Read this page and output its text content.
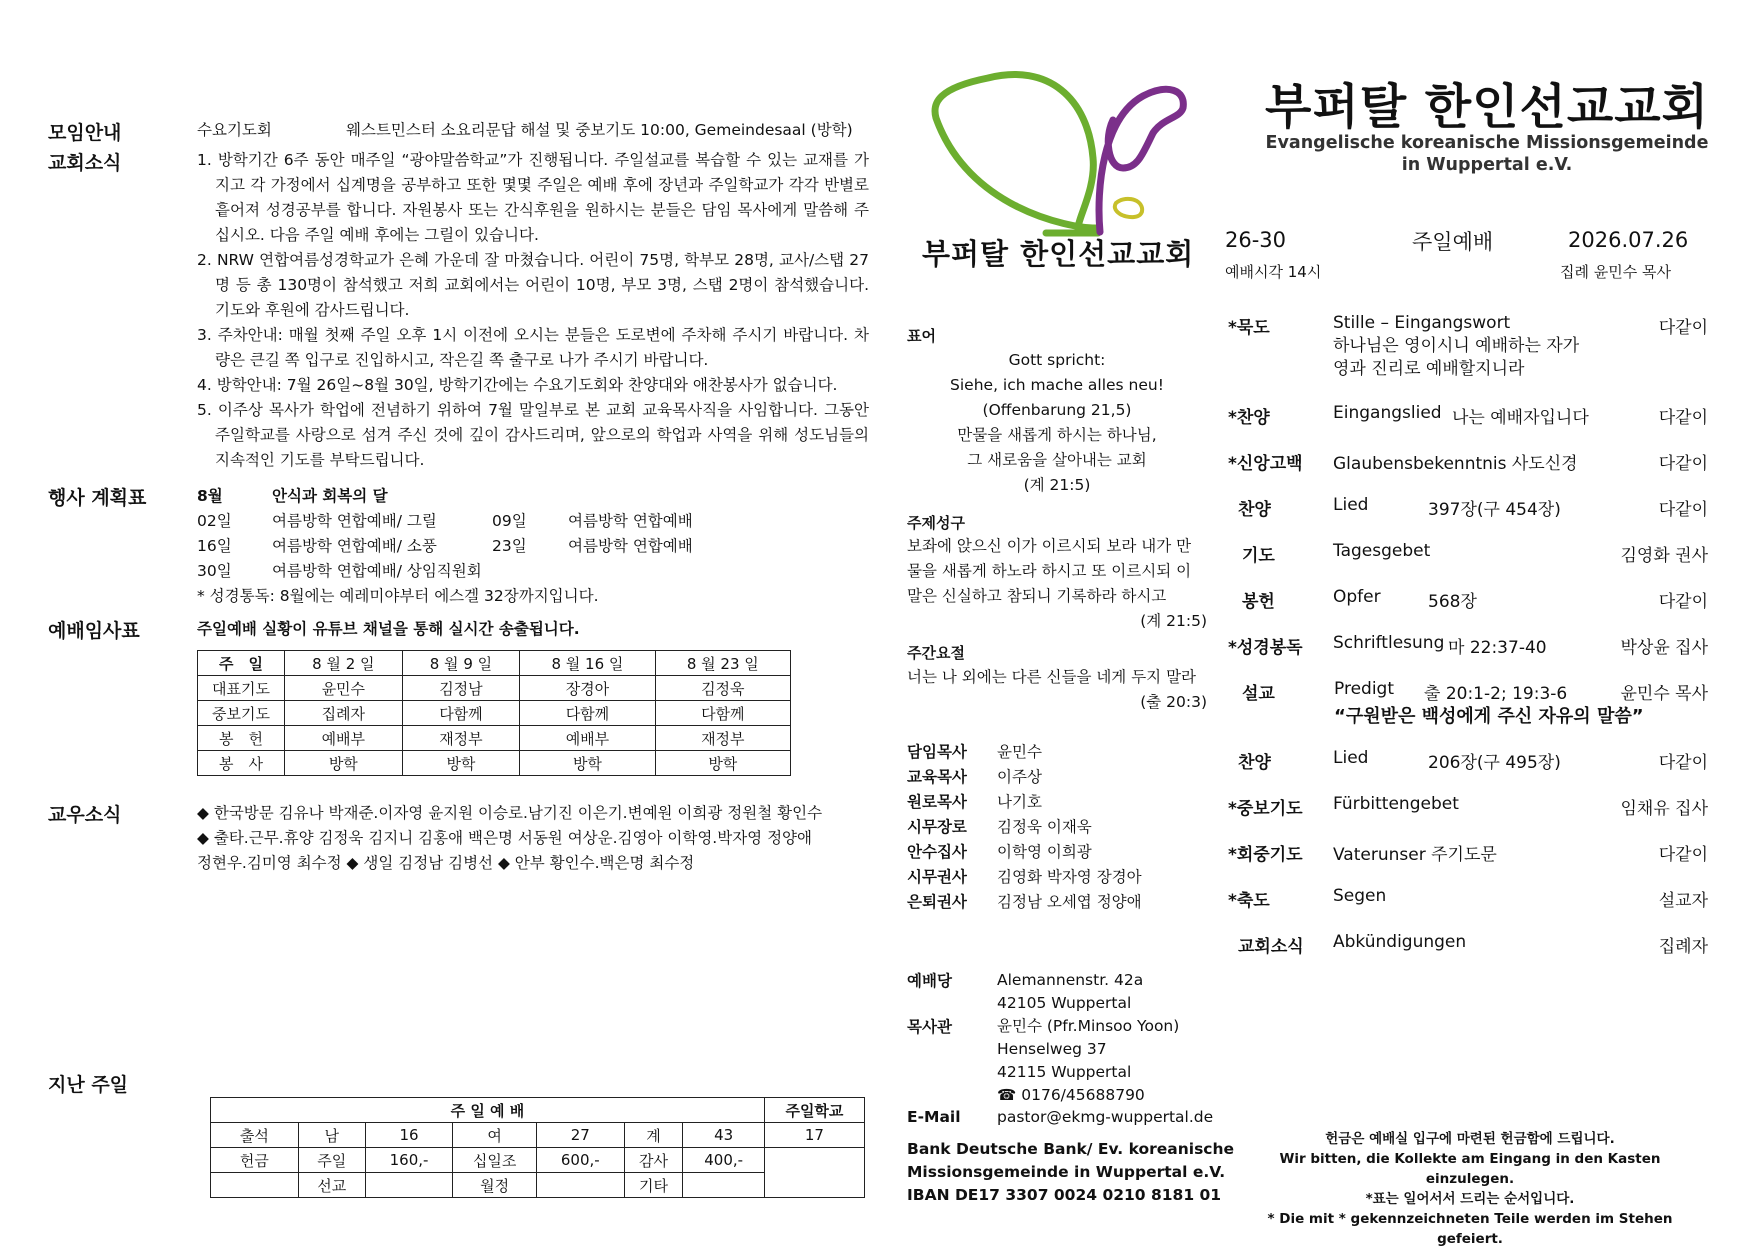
모임안내	수요기도회	웨스트민스터 소요리문답 해설 및 중보기도 10:00, Gemeindesaal (방학)
교회소식	1. 방학기간 6주 동안 매주일 “광야말씀학교”가 진행됩니다. 주일설교를 복습할 수 있는 교재를 가지고 각 가정에서 십계명을 공부하고 또한 몇몇 주일은 예배 후에 장년과 주일학교가 각각 반별로 흩어져 성경공부를 합니다. 자원봉사 또는 간식후원을 원하시는 분들은 담임 목사에게 말씀해 주십시오. 다음 주일 예배 후에는 그릴이 있습니다.
2. NRW 연합여름성경학교가 은혜 가운데 잘 마쳤습니다. 어린이 75명, 학부모 28명, 교사/스탭 27명 등 총 130명이 참석했고 저희 교회에서는 어린이 10명, 부모 3명, 스탭 2명이 참석했습니다. 기도와 후원에 감사드립니다.
3. 주차안내: 매월 첫째 주일 오후 1시 이전에 오시는 분들은 도로변에 주차해 주시기 바랍니다. 차량은 큰길 쪽 입구로 진입하시고, 작은길 쪽 출구로 나가 주시기 바랍니다.
4. 방학안내: 7월 26일~8월 30일, 방학기간에는 수요기도회와 찬양대와 애찬봉사가 없습니다.
5. 이주상 목사가 학업에 전념하기 위하여 7월 말일부로 본 교회 교육목사직을 사임합니다. 그동안 주일학교를 사랑으로 섬겨 주신 것에 깊이 감사드리며, 앞으로의 학업과 사역을 위해 성도님들의 지속적인 기도를 부탁드립니다.
행사 계획표	8월	안식과 회복의 달
02일	여름방학 연합예배/ 그릴	09일	여름방학 연합예배
16일	여름방학 연합예배/ 소풍	23일	여름방학 연합예배
30일	여름방학 연합예배/ 상임직원회
* 성경통독: 8월에는 예레미야부터 에스겔 32장까지입니다.
예배임사표	주일예배 실황이 유튜브 채널을 통해 실시간 송출됩니다.
주　일	8 월 2 일	8 월 9 일	8 월 16 일	8 월 23 일
대표기도	윤민수	김정남	장경아	김정욱
중보기도	집례자	다함께	다함께	다함께
봉　헌	예배부	재정부	예배부	재정부
봉　사	방학	방학	방학	방학
교우소식	◆ 한국방문 김유나 박재준.이자영 윤지원 이승로.남기진 이은기.변예원 이희광 정원철 황인수
◆ 출타.근무.휴양 김정욱 김지니 김홍애 백은명 서동원 여상운.김영아 이학영.박자영 정양애
정현우.김미영 최수정 ◆ 생일 김정남 김병선 ◆ 안부 황인수.백은명 최수정
지난 주일
주 일 예 배							주일학교
출석	남	16	여	27	계	43	17
헌금	주일	160,-	십일조	600,-	감사	400,-	
	선교		월정		기타		
부퍼탈 한인선교교회
부퍼탈 한인선교교회
Evangelische koreanische Missionsgemeinde
in Wuppertal e.V.
표어
Gott spricht:
Siehe, ich mache alles neu!
(Offenbarung 21,5)
만물을 새롭게 하시는 하나님,
그 새로움을 살아내는 교회
(계 21:5)
주제성구
보좌에 앉으신 이가 이르시되 보라 내가 만
물을 새롭게 하노라 하시고 또 이르시되 이
말은 신실하고 참되니 기록하라 하시고
(계 21:5)
주간요절
너는 나 외에는 다른 신들을 네게 두지 말라
(출 20:3)
담임목사 윤민수
교육목사 이주상
원로목사 나기호
시무장로 김정욱 이재욱
안수집사 이학영 이희광
시무권사 김영화 박자영 장경아
은퇴권사 김정남 오세엽 정양애
예배당	Alemannenstr. 42a
42105 Wuppertal
목사관	윤민수 (Pfr.Minsoo Yoon)
Henselweg 37
42115 Wuppertal
☎ 0176/45688790
E-Mail pastor@ekmg-wuppertal.de
Bank Deutsche Bank/ Ev. koreanische
Missionsgemeinde in Wuppertal e.V.
IBAN DE17 3307 0024 0210 8181 01
26-30	주일예배	2026.07.26
예배시각 14시	집례 윤민수 목사
*묵도	Stille – Eingangswort	다같이
하나님은 영이시니 예배하는 자가
영과 진리로 예배할지니라
*찬양	Eingangslied 나는 예배자입니다	다같이
*신앙고백 Glaubensbekenntnis 사도신경	다같이
찬양	Lied	397장(구 454장)	다같이
기도	Tagesgebet	김영화 권사
봉헌	Opfer	568장	다같이
*성경봉독 Schriftlesung 마 22:37-40	박상윤 집사
설교	Predigt 출 20:1-2; 19:3-6	윤민수 목사
“구원받은 백성에게 주신 자유의 말씀”
찬양	Lied	206장(구 495장)	다같이
*중보기도 Fürbittengebet	임채유 집사
*회중기도 Vaterunser 주기도문	다같이
*축도	Segen	설교자
교회소식 Abkündigungen	집례자
헌금은 예배실 입구에 마련된 헌금함에 드립니다.
Wir bitten, die Kollekte am Eingang in den Kasten einzulegen.
*표는 일어서서 드리는 순서입니다.
* Die mit * gekennzeichneten Teile werden im Stehen gefeiert.
